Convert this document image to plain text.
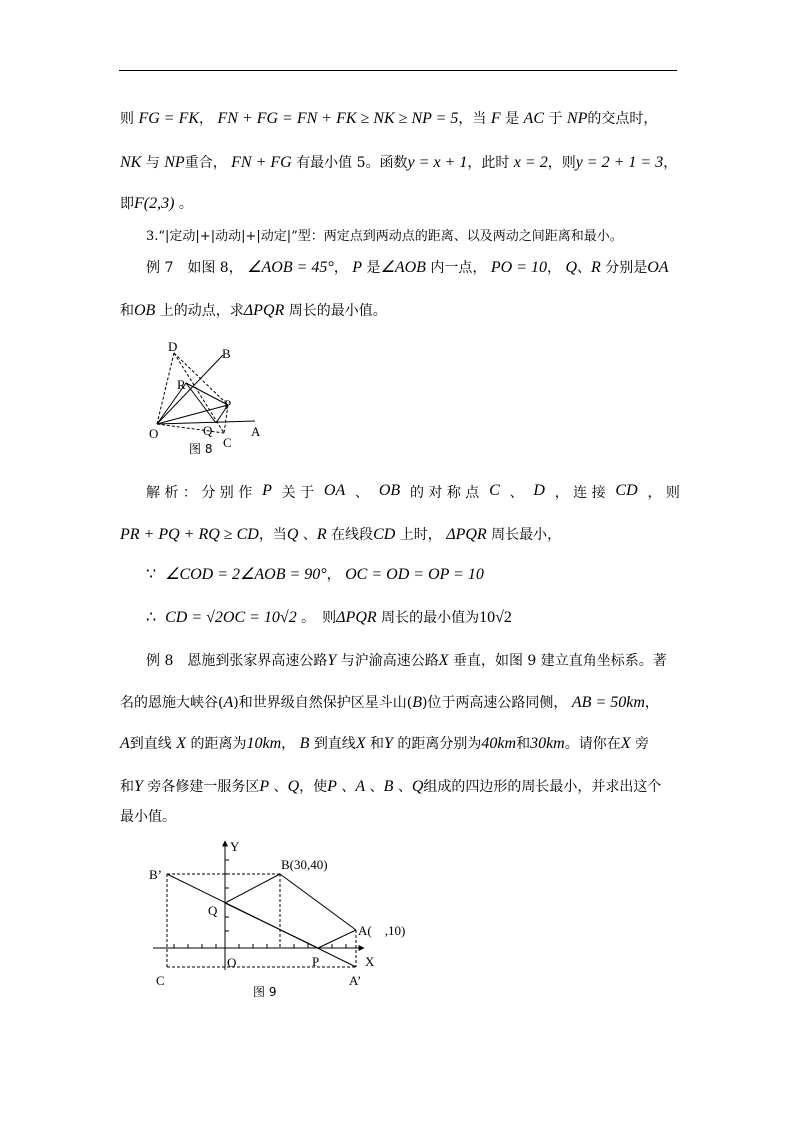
则 FG = FK， FN + FG = FN + FK ≥ NK ≥ NP = 5，当 F 是 AC 于 NP的交点时，
NK 与 NP重合， FN + FG 有最小值 5。函数y = x + 1，此时 x = 2，则y = 2 + 1 = 3，
即F(2,3) 。
3.“|定动|+|动动|+|动定|”型：两定点到两动点的距离、以及两动之间距离和最小。
例 7　如图 8， ∠AOB = 45°， P 是∠AOB 内一点， PO = 10， Q、R 分别是OA
和OB 上的动点，求ΔPQR 周长的最小值。
D	B
R
P
O	Q
C
A
图 8
解 析 ： 分 别 作 P 关 于 OA 、 OB 的 对 称 点 C 、 D ， 连 接 CD ， 则
PR + PQ + RQ ≥ CD，当Q 、R 在线段CD 上时， ΔPQR 周长最小，
∵ ∠COD = 2∠AOB = 90°， OC = OD = OP = 10
∴ CD = √2OC = 10√2 。　则ΔPQR 周长的最小值为10√2
例 8　恩施到张家界高速公路Y 与沪渝高速公路X 垂直，如图 9 建立直角坐标系。著
名的恩施大峡谷(A)和世界级自然保护区星斗山(B)位于两高速公路同侧， AB = 50km，
A到直线 X 的距离为10km， B 到直线X 和Y 的距离分别为40km和30km。请你在X 旁
和Y 旁各修建一服务区P 、Q，使P 、A 、B 、Q组成的四边形的周长最小，并求出这个
最小值。
Y
B’
B(30,40)
Q
A(　,10)
C
O	P	X
A’
图 9
